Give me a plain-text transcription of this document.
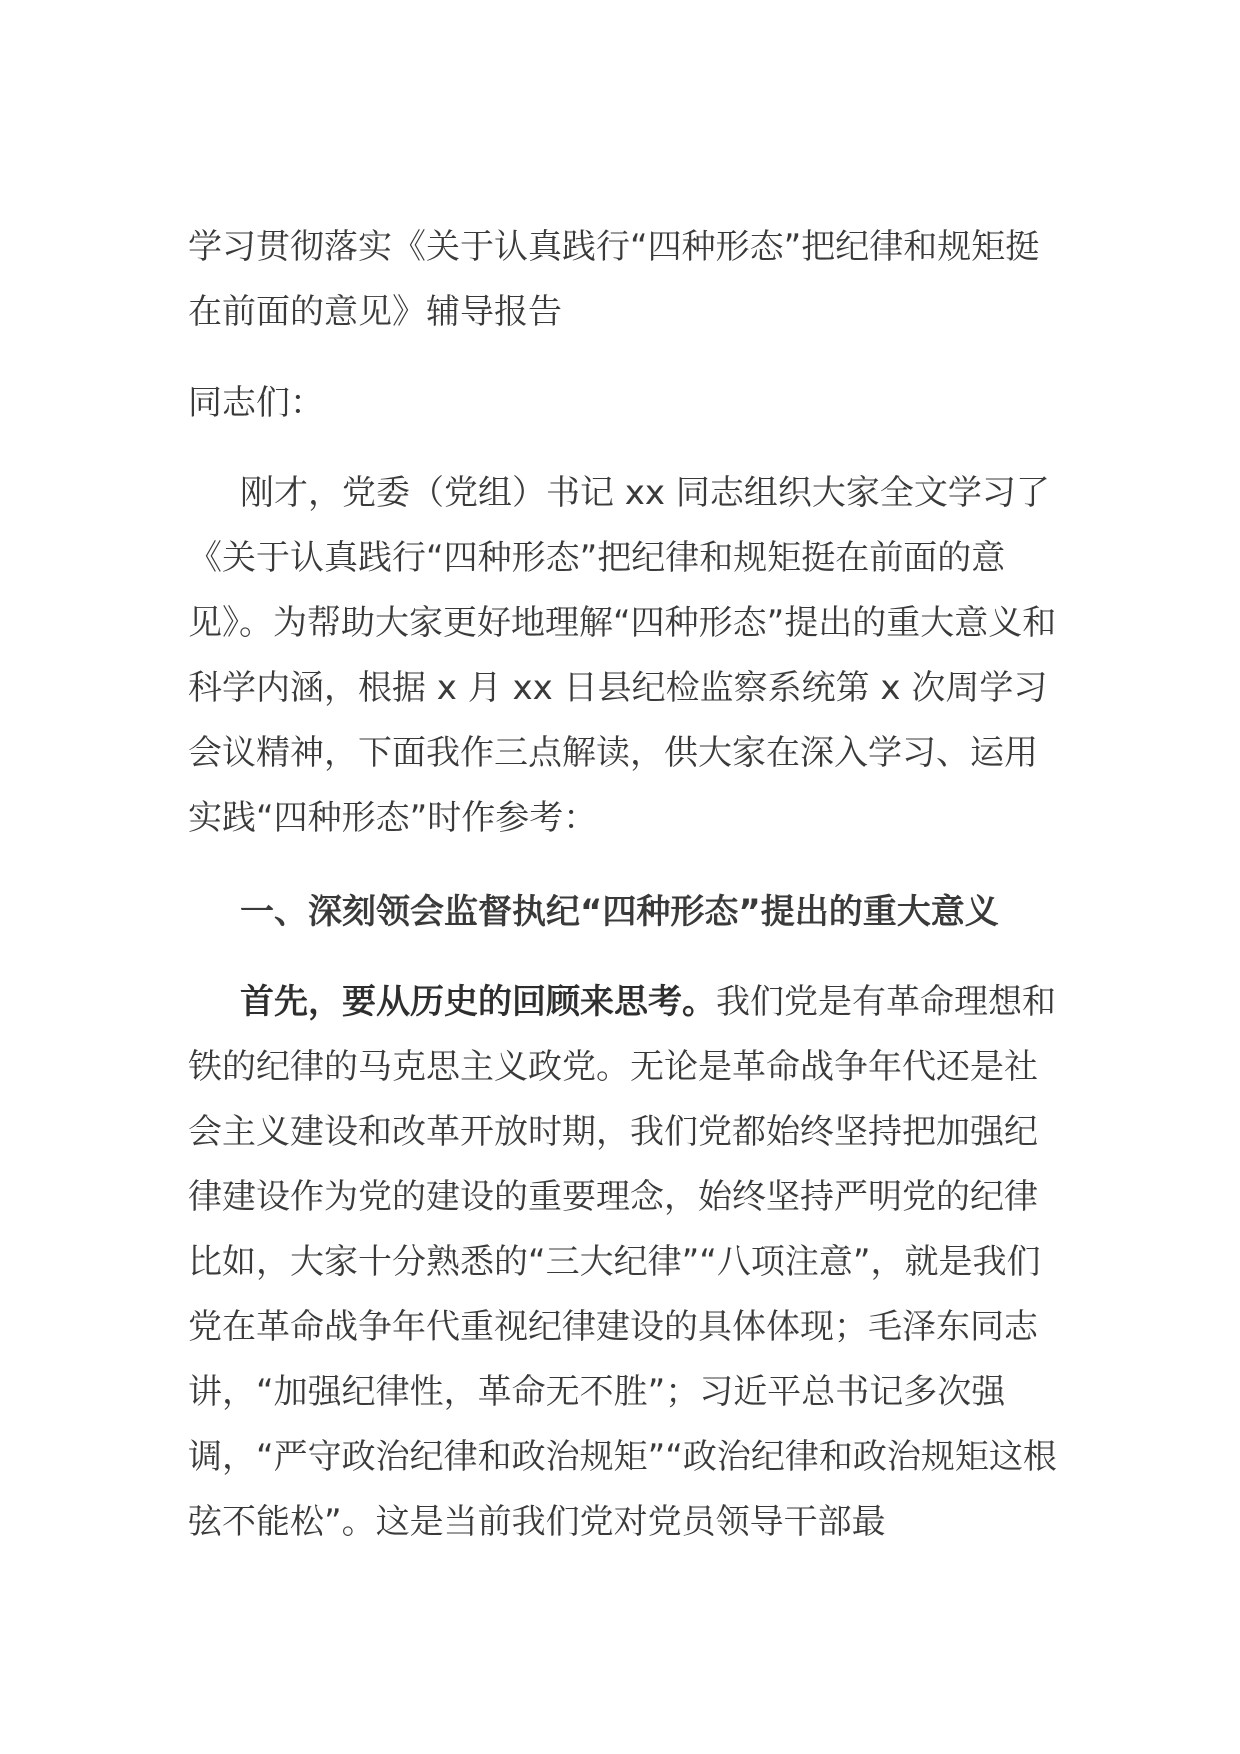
学习贯彻落实《关于认真践行“四种形态”把纪律和规矩挺在前面的意见》辅导报告

同志们：

刚才，党委（党组）书记 xx 同志组织大家全文学习了《关于认真践行“四种形态”把纪律和规矩挺在前面的意见》。为帮助大家更好地理解“四种形态”提出的重大意义和科学内涵，根据 x 月 xx 日县纪检监察系统第 x 次周学习会议精神，下面我作三点解读，供大家在深入学习、运用实践“四种形态”时作参考：

一、深刻领会监督执纪“四种形态”提出的重大意义

首先，要从历史的回顾来思考。我们党是有革命理想和铁的纪律的马克思主义政党。无论是革命战争年代还是社会主义建设和改革开放时期，我们党都始终坚持把加强纪律建设作为党的建设的重要理念，始终坚持严明党的纪律比如，大家十分熟悉的“三大纪律”“八项注意”，就是我们党在革命战争年代重视纪律建设的具体体现；毛泽东同志讲，“加强纪律性，革命无不胜”；习近平总书记多次强调，“严守政治纪律和政治规矩”“政治纪律和政治规矩这根弦不能松”。这是当前我们党对党员领导干部最
